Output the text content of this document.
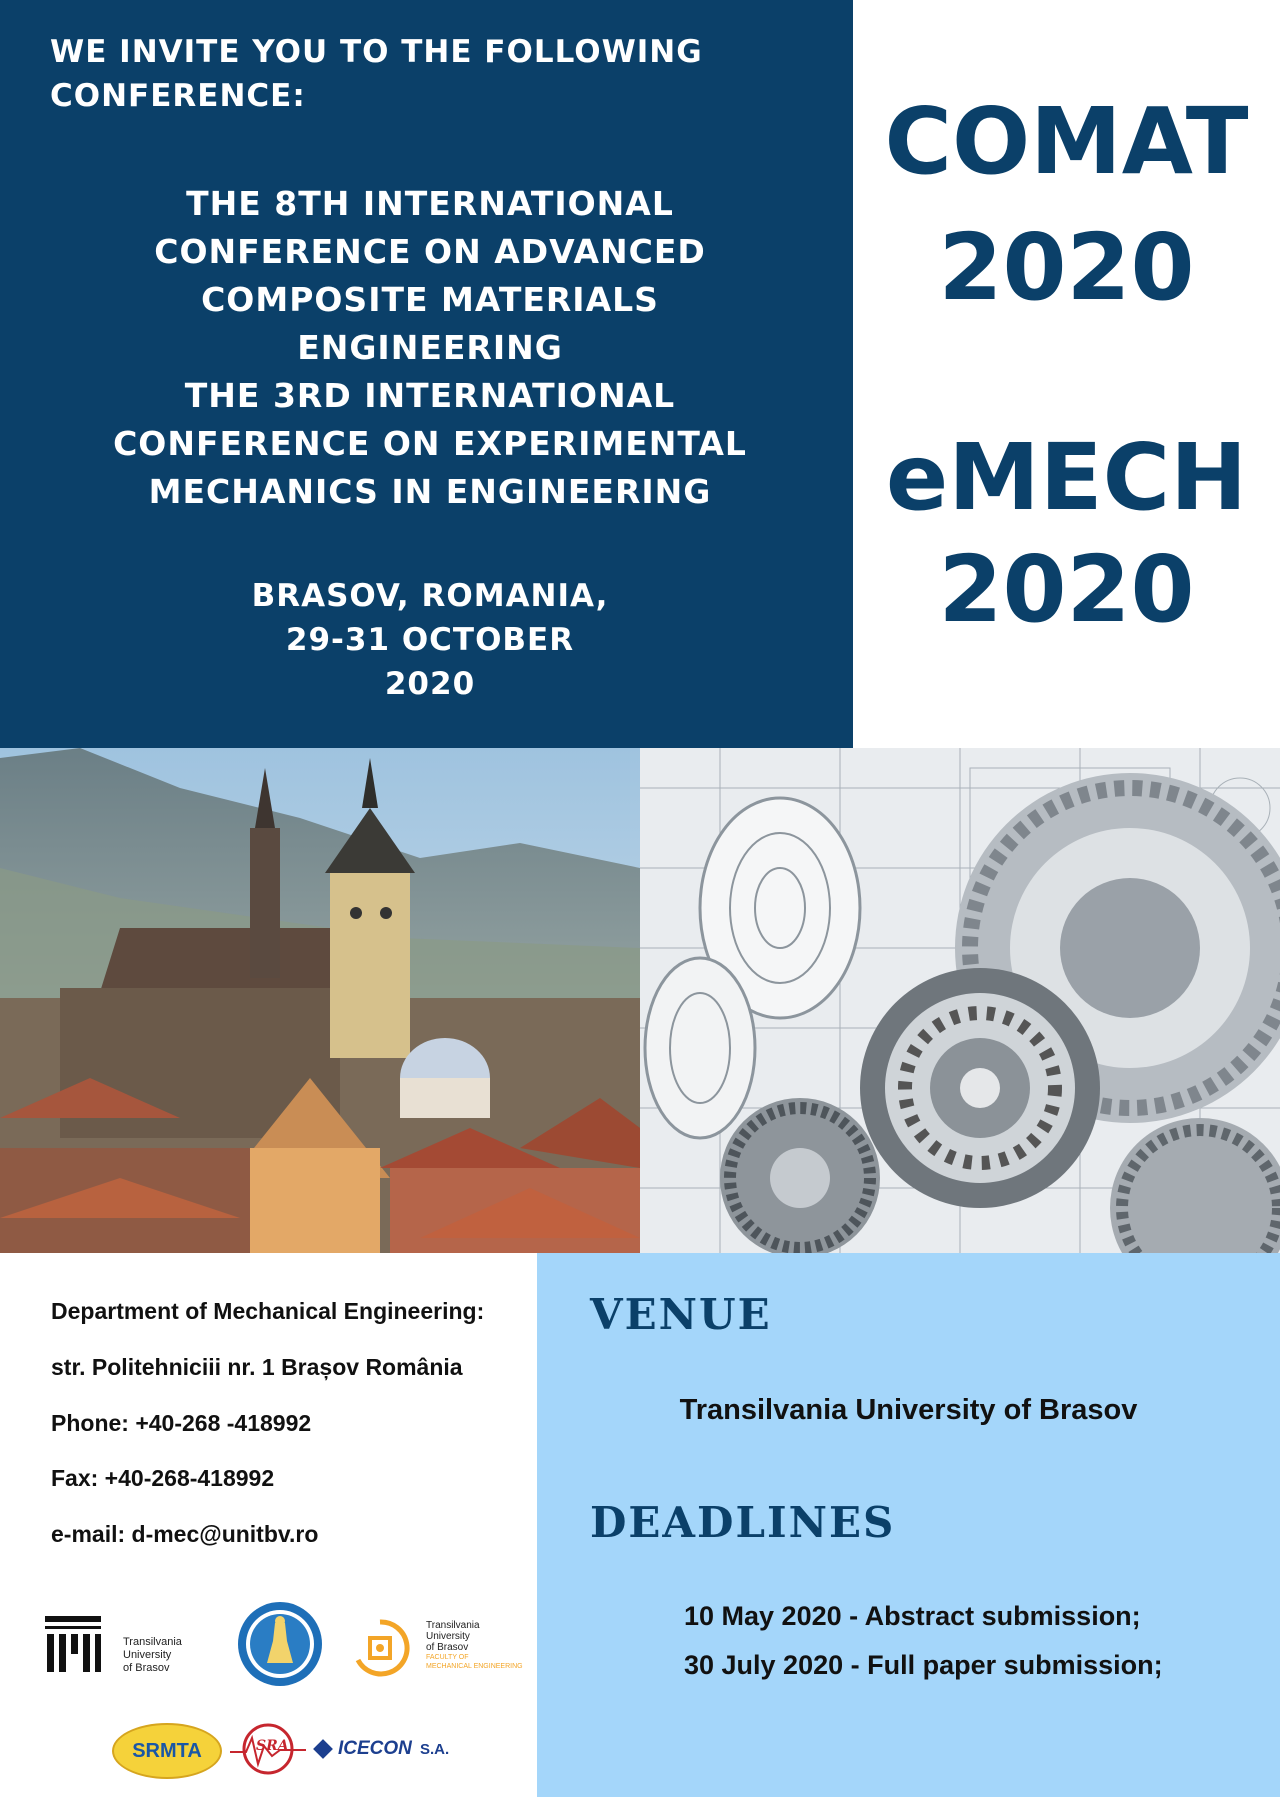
WE INVITE YOU TO THE FOLLOWING
CONFERENCE:
THE 8TH INTERNATIONAL
CONFERENCE ON ADVANCED
COMPOSITE MATERIALS
ENGINEERING
THE 3RD INTERNATIONAL
CONFERENCE ON EXPERIMENTAL
MECHANICS IN ENGINEERING
BRASOV, ROMANIA,
29-31 OCTOBER
2020
COMAT
2020
eMECH
2020
Department of Mechanical Engineering:
str. Politehniciii nr. 1 Brașov România
Phone: +40-268 -418992
Fax: +40-268-418992
e-mail: d-mec@unitbv.ro
Transilvania
University
of Brasov
Transilvania
University
of Brasov
FACULTY OF
MECHANICAL ENGINEERING
SRMTA	SRA	ICECON S.A.
VENUE
Transilvania University of Brasov
DEADLINES
10 May 2020 - Abstract submission;
30 July 2020 - Full paper submission;
